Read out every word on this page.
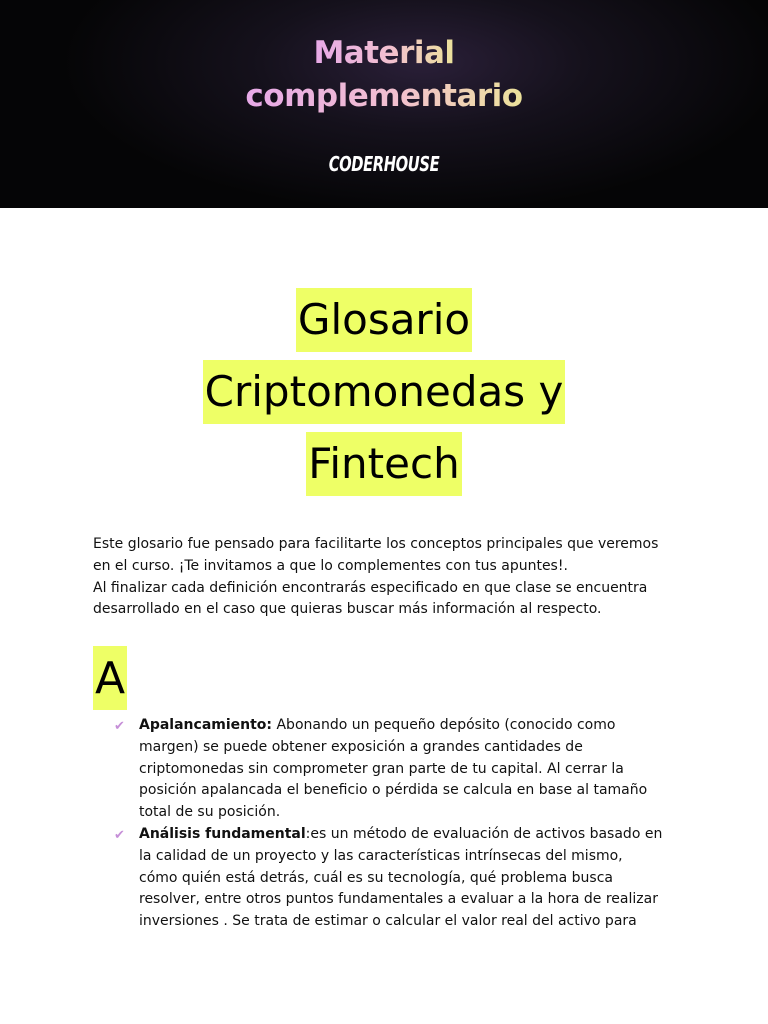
Material
complementario
CODERHOUSE
Glosario
Criptomonedas y
Fintech

Este glosario fue pensado para facilitarte los conceptos principales que veremos
en el curso. ¡Te invitamos a que lo complementes con tus apuntes!.
Al finalizar cada definición encontrarás especificado en que clase se encuentra
desarrollado en el caso que quieras buscar más información al respecto.

A
✔ Apalancamiento: Abonando un pequeño depósito (conocido como
margen) se puede obtener exposición a grandes cantidades de
criptomonedas sin comprometer gran parte de tu capital. Al cerrar la
posición apalancada el beneficio o pérdida se calcula en base al tamaño
total de su posición.
✔ Análisis fundamental:es un método de evaluación de activos basado en
la calidad de un proyecto y las características intrínsecas del mismo,
cómo quién está detrás, cuál es su tecnología, qué problema busca
resolver, entre otros puntos fundamentales a evaluar a la hora de realizar
inversiones . Se trata de estimar o calcular el valor real del activo para
